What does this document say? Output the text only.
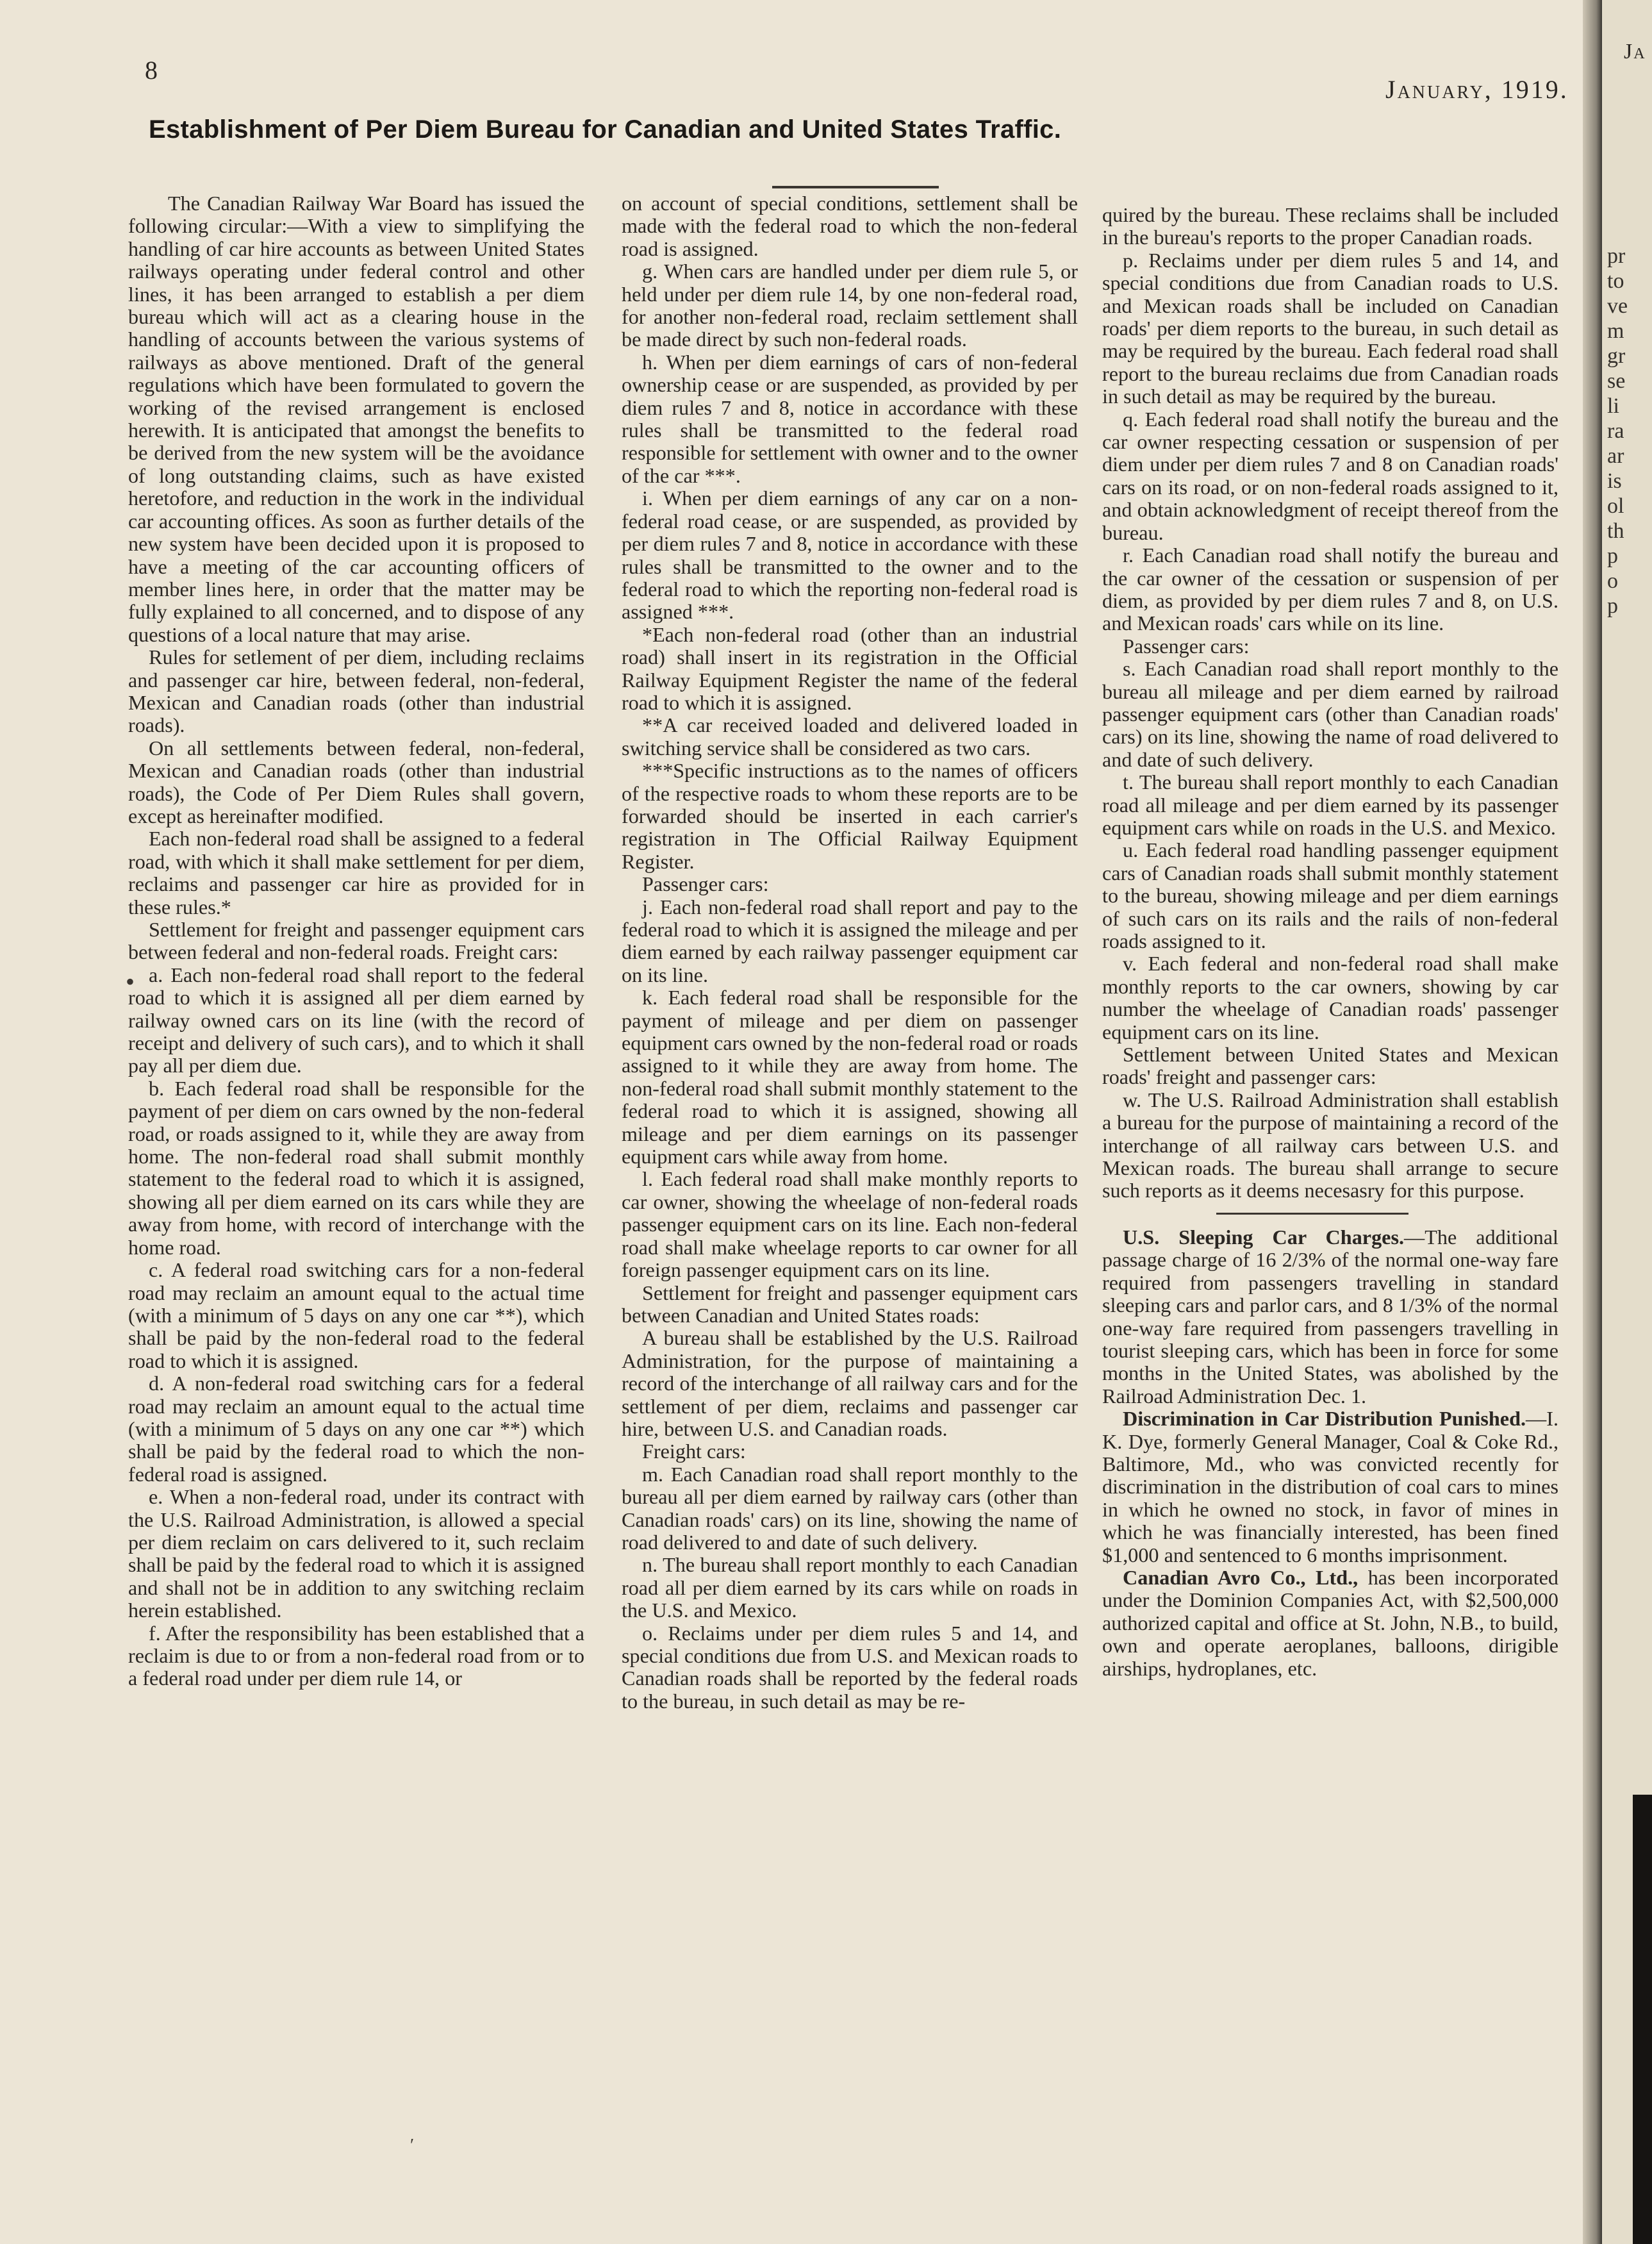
8
January, 1919.
Establishment of Per Diem Bureau for Canadian and United States Traffic.

The Canadian Railway War Board has issued the following circular:—With a view to simplifying the handling of car hire accounts as between United States railways operating under federal control and other lines, it has been arranged to establish a per diem bureau which will act as a clearing house in the handling of accounts between the various systems of railways as above mentioned. Draft of the general regulations which have been formulated to govern the working of the revised arrangement is enclosed herewith. It is anticipated that amongst the benefits to be derived from the new system will be the avoidance of long outstanding claims, such as have existed heretofore, and reduction in the work in the individual car accounting offices. As soon as further details of the new system have been decided upon it is proposed to have a meeting of the car accounting officers of member lines here, in order that the matter may be fully explained to all concerned, and to dispose of any questions of a local nature that may arise.

Rules for setlement of per diem, including reclaims and passenger car hire, between federal, non-federal, Mexican and Canadian roads (other than industrial roads).

On all settlements between federal, non-federal, Mexican and Canadian roads (other than industrial roads), the Code of Per Diem Rules shall govern, except as hereinafter modified.

Each non-federal road shall be assigned to a federal road, with which it shall make settlement for per diem, reclaims and passenger car hire as provided for in these rules.*

Settlement for freight and passenger equipment cars between federal and non-federal roads. Freight cars:

a. Each non-federal road shall report to the federal road to which it is assigned all per diem earned by railway owned cars on its line (with the record of receipt and delivery of such cars), and to which it shall pay all per diem due.

b. Each federal road shall be responsible for the payment of per diem on cars owned by the non-federal road, or roads assigned to it, while they are away from home. The non-federal road shall submit monthly statement to the federal road to which it is assigned, showing all per diem earned on its cars while they are away from home, with record of interchange with the home road.

c. A federal road switching cars for a non-federal road may reclaim an amount equal to the actual time (with a minimum of 5 days on any one car **), which shall be paid by the non-federal road to the federal road to which it is assigned.

d. A non-federal road switching cars for a federal road may reclaim an amount equal to the actual time (with a minimum of 5 days on any one car **) which shall be paid by the federal road to which the non-federal road is assigned.

e. When a non-federal road, under its contract with the U.S. Railroad Administration, is allowed a special per diem reclaim on cars delivered to it, such reclaim shall be paid by the federal road to which it is assigned and shall not be in addition to any switching reclaim herein established.

f. After the responsibility has been established that a reclaim is due to or from a non-federal road from or to a federal road under per diem rule 14, or

on account of special conditions, settlement shall be made with the federal road to which the non-federal road is assigned.

g. When cars are handled under per diem rule 5, or held under per diem rule 14, by one non-federal road, for another non-federal road, reclaim settlement shall be made direct by such non-federal roads.

h. When per diem earnings of cars of non-federal ownership cease or are suspended, as provided by per diem rules 7 and 8, notice in accordance with these rules shall be transmitted to the federal road responsible for settlement with owner and to the owner of the car ***.

i. When per diem earnings of any car on a non-federal road cease, or are suspended, as provided by per diem rules 7 and 8, notice in accordance with these rules shall be transmitted to the owner and to the federal road to which the reporting non-federal road is assigned ***.

*Each non-federal road (other than an industrial road) shall insert in its registration in the Official Railway Equipment Register the name of the federal road to which it is assigned.

**A car received loaded and delivered loaded in switching service shall be considered as two cars.

***Specific instructions as to the names of officers of the respective roads to whom these reports are to be forwarded should be inserted in each carrier's registration in The Official Railway Equipment Register.

Passenger cars:

j. Each non-federal road shall report and pay to the federal road to which it is assigned the mileage and per diem earned by each railway passenger equipment car on its line.

k. Each federal road shall be responsible for the payment of mileage and per diem on passenger equipment cars owned by the non-federal road or roads assigned to it while they are away from home. The non-federal road shall submit monthly statement to the federal road to which it is assigned, showing all mileage and per diem earnings on its passenger equipment cars while away from home.

l. Each federal road shall make monthly reports to car owner, showing the wheelage of non-federal roads passenger equipment cars on its line. Each non-federal road shall make wheelage reports to car owner for all foreign passenger equipment cars on its line.

Settlement for freight and passenger equipment cars between Canadian and United States roads:

A bureau shall be established by the U.S. Railroad Administration, for the purpose of maintaining a record of the interchange of all railway cars and for the settlement of per diem, reclaims and passenger car hire, between U.S. and Canadian roads.

Freight cars:

m. Each Canadian road shall report monthly to the bureau all per diem earned by railway cars (other than Canadian roads' cars) on its line, showing the name of road delivered to and date of such delivery.

n. The bureau shall report monthly to each Canadian road all per diem earned by its cars while on roads in the U.S. and Mexico.

o. Reclaims under per diem rules 5 and 14, and special conditions due from U.S. and Mexican roads to Canadian roads shall be reported by the federal roads to the bureau, in such detail as may be re-

quired by the bureau. These reclaims shall be included in the bureau's reports to the proper Canadian roads.

p. Reclaims under per diem rules 5 and 14, and special conditions due from Canadian roads to U.S. and Mexican roads shall be included on Canadian roads' per diem reports to the bureau, in such detail as may be required by the bureau. Each federal road shall report to the bureau reclaims due from Canadian roads in such detail as may be required by the bureau.

q. Each federal road shall notify the bureau and the car owner respecting cessation or suspension of per diem under per diem rules 7 and 8 on Canadian roads' cars on its road, or on non-federal roads assigned to it, and obtain acknowledgment of receipt thereof from the bureau.

r. Each Canadian road shall notify the bureau and the car owner of the cessation or suspension of per diem, as provided by per diem rules 7 and 8, on U.S. and Mexican roads' cars while on its line.

Passenger cars:

s. Each Canadian road shall report monthly to the bureau all mileage and per diem earned by railroad passenger equipment cars (other than Canadian roads' cars) on its line, showing the name of road delivered to and date of such delivery.

t. The bureau shall report monthly to each Canadian road all mileage and per diem earned by its passenger equipment cars while on roads in the U.S. and Mexico.

u. Each federal road handling passenger equipment cars of Canadian roads shall submit monthly statement to the bureau, showing mileage and per diem earnings of such cars on its rails and the rails of non-federal roads assigned to it.

v. Each federal and non-federal road shall make monthly reports to the car owners, showing by car number the wheelage of Canadian roads' passenger equipment cars on its line.

Settlement between United States and Mexican roads' freight and passenger cars:

w. The U.S. Railroad Administration shall establish a bureau for the purpose of maintaining a record of the interchange of all railway cars between U.S. and Mexican roads. The bureau shall arrange to secure such reports as it deems necesasry for this purpose.

U.S. Sleeping Car Charges.—The additional passage charge of 16 2/3% of the normal one-way fare required from passengers travelling in standard sleeping cars and parlor cars, and 8 1/3% of the normal one-way fare required from passengers travelling in tourist sleeping cars, which has been in force for some months in the United States, was abolished by the Railroad Administration Dec. 1.

Discrimination in Car Distribution Punished.—I. K. Dye, formerly General Manager, Coal & Coke Rd., Baltimore, Md., who was convicted recently for discrimination in the distribution of coal cars to mines in which he owned no stock, in favor of mines in which he was financially interested, has been fined $1,000 and sentenced to 6 months imprisonment.

Canadian Avro Co., Ltd., has been incorporated under the Dominion Companies Act, with $2,500,000 authorized capital and office at St. John, N.B., to build, own and operate aeroplanes, balloons, dirigible airships, hydroplanes, etc.

•
′
Ja
pr
to
ve
m
gr
se
li
ra
ar
is
ol
th
p
o
p
